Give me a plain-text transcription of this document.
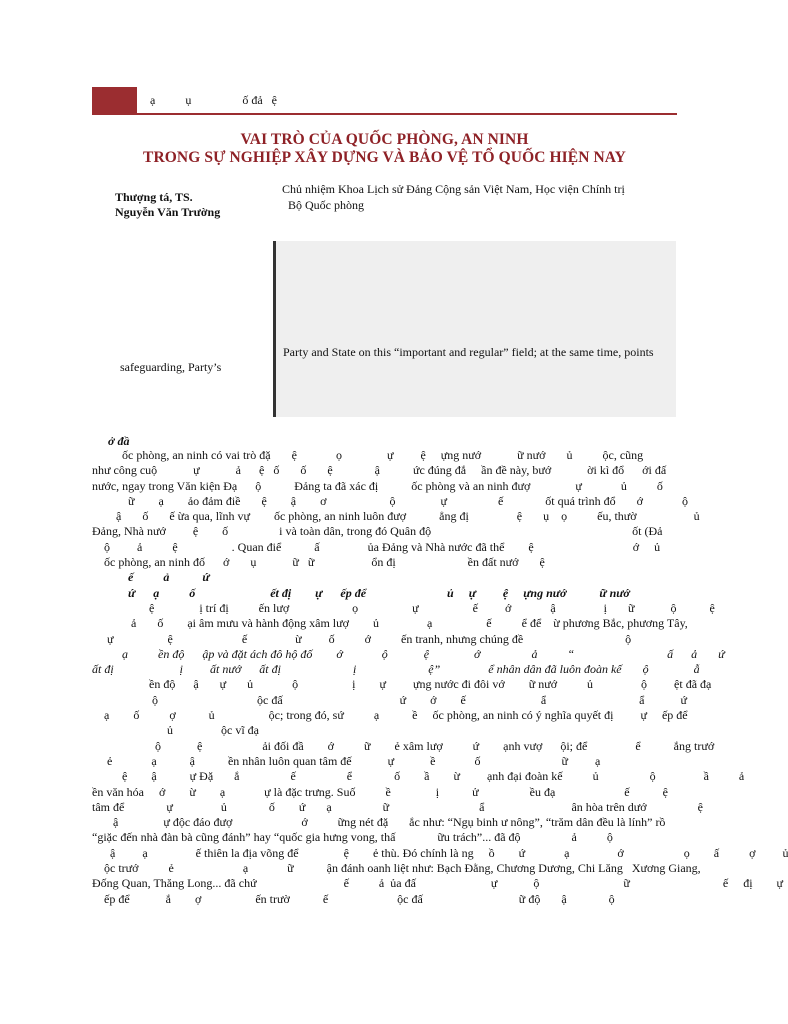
ạ          ụ                 ố đả   ệ
VAI TRÒ CỦA QUỐC PHÒNG, AN NINH
TRONG SỰ NGHIỆP XÂY DỰNG VÀ BẢO VỆ TỔ QUỐC HIỆN NAY
Thượng tá, TS.
Nguyễn Văn Trường
Chủ nhiệm Khoa Lịch sử Đảng Cộng sản Việt Nam, Học viện Chính trị
Bộ Quốc phòng
Party and State on this “important and regular” field; at the same time, points
safeguarding, Party’s
ở đầ
ốc phòng, an ninh có vai trò đặ       ệ             ọ               ự         ệ     ựng nướ            ữ nướ       ủ          ộc, cũng
như công cuộ            ự            ả      ệ   ố       ố       ệ              ậ           ức đúng đắ     ần đề này, bướ            ời kì đổ      ới đấ
nước, ngay trong Văn kiện Đạ      ộ           Đảng ta đã xác đị           ốc phòng và an ninh đượ               ự             ủ          ố
ữ        ạ        ảo đảm điề       ệ        ậ        ơ                     ộ               ự                 ế              ốt quá trình đổ       ớ             ộ
ậ       ố       ế ừa qua, lĩnh vự        ốc phòng, an ninh luôn đượ           ẳng đị                ệ       ụ    ọ          ếu, thườ                   ủ
Đảng, Nhà nướ         ệ        ố                 i và toàn dân, trong đó Quân độ                                                                   ốt (Đả
ộ         ả          ệ                  . Quan điể           ấ                ủa Đảng và Nhà nước đã thể        ệ                                 ớ     ủ
ốc phòng, an ninh đố      ớ       ụ            ữ   ữ                   ổn đị                        ền đất nướ       ệ
ế          ả           ứ
ứ      ạ          ố                         ết đị        ự      ếp để                           ủ     ự         ệ     ựng nướ           ữ nướ
ệ               ị trí đị          ến lượ                     ọ                  ự                  ế         ớ             ậ                ị       ữ            ộ           ệ
ả       ố        ại âm mưu và hành động xâm lượ        ủ                ạ                  ế          ể để    ừ phương Bắc, phương Tây,
ự                  ệ                       ế                ừ         ố          ớ          ến tranh, nhưng chúng đề                                  ộ
ạ          ền độ      ập và đặt ách đô hộ đố        ớ             ộ            ệ               ớ                 ả          “                               ấ      ả       ứ
ất đị                      ị         ất nướ      ất đị                        ị                        ệ”                ể nhân dân đã luôn đoàn kế       ộ               ẫ
ền độ      ậ       ự       ủ             ộ                  ị        ự         ựng nước đi đôi vớ        ữ nướ          ủ                ộ         ệt đã đạ
ộ                                 ộc đấ                                       ứ        ớ        ế                         ẩ                               ẩ            ứ
ạ        ố          ợ           ủ                  ộc; trong đó, sứ          ạ           ề     ốc phòng, an ninh có ý nghĩa quyết đị         ự     ếp để
ủ                ộc vĩ đạ
ộ            ệ                    ải đối đầ        ớ          ữ        ẻ xâm lượ          ứ        ạnh vượ      ội; để                ể           ắng trướ
ẻ             ạ           ậ           ền nhân luôn quan tâm đế            ự            ề             ố                           ữ         ạ
ệ        ậ           ự Đặ       ắ                 ế                 ể              ố        ầ        ừ         ạnh đại đoàn kế          ủ                 ộ                ầ          ả
ền văn hóa     ớ        ừ        ạ             ự là đặc trưng. Suố          ề               ị           ử                 ều đạ                       ế           ệ
tâm để              ự                ủ              ố        ứ       ạ                 ữ                              ẩ                             ân hòa trên dướ                 ệ
ậ               ự độc đáo đượ                       ớ          ững nét đặ       ắc như: “Ngụ binh ư nông”, “trăm dân đều là lính” rồ
“giặc đến nhà đàn bà cũng đánh” hay “quốc gia hưng vong, thấ              ữu trách”... đã độ                 ả          ộ
ậ         ạ                ế thiên la địa võng để               ệ        ẻ thù. Đó chính là ng     ồ        ứ             ạ                ớ                    ọ        ấ          ợ         ủ
ộc trướ          ẻ                       ạ             ữ           ận đánh oanh liệt như: Bạch Đằng, Chương Dương, Chi Lăng   Xương Giang,
Đống Quan, Thăng Long... đã chứ                             ế          ả  ủa đấ                         ự            ộ                            ữ                               ế     đị        ự
ếp để            ắ        ợ                  ến trườ           ế                       ộc đấ                                ữ độ       ậ              ộ
